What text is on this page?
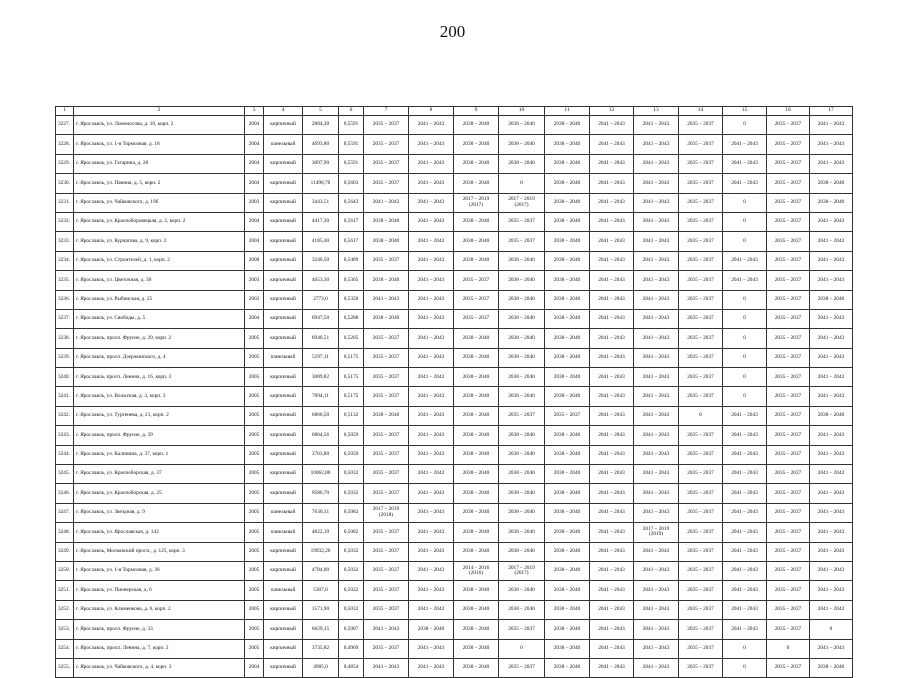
200
1	2	3	4	5	6	7	8	9	10	11	12	13	14	15	16	17
3227.	г. Ярославль, ул. Ломоносова, д. 16, корп. 2	2004	кирпичный	2884,30	0,5591	2035 – 2037	2041 – 2043	2038 – 2040	2038 – 2040	2038 – 2040	2041 – 2043	2041 – 2043	2035 – 2037	0	2035 – 2037	2041 – 2043
3228.	г. Ярославль, ул. 1-я Тормозная, д. 18	2004	панельный	4693,80	0,5591	2035 – 2037	2041 – 2043	2038 – 2040	2038 – 2040	2038 – 2040	2041 – 2043	2041 – 2043	2035 – 2037	2041 – 2043	2035 – 2037	2041 – 2043
3229.	г. Ярославль, ул. Гагарина, д. 28	2004	кирпичный	3097,90	0,5591	2035 – 2037	2041 – 2043	2038 – 2040	2038 – 2040	2038 – 2040	2041 – 2043	2041 – 2043	2035 – 2037	2041 – 2043	2035 – 2037	2041 – 2043
3230.	г. Ярославль, ул. Панина, д. 5, корп. 2	2004	кирпичный	11490,70	0,5603	2035 – 2037	2041 – 2043	2038 – 2040	0	2038 – 2040	2041 – 2043	2041 – 2043	2035 – 2037	2041 – 2043	2035 – 2037	2038 – 2040
3231.	г. Ярославль, ул. Чайковского, д. 19б	2003	кирпичный	3443,51	0,5643	2041 – 2043	2041 – 2043	2017 – 2019 (2017)	2017 – 2019 (2017)	2038 – 2040	2041 – 2043	2041 – 2043	2035 – 2037	0	2035 – 2037	2038 – 2040
3232.	г. Ярославль, ул. Красноборовецкая, д. 2, корп. 2	2004	кирпичный	4417,30	0,5617	2038 – 2040	2041 – 2043	2038 – 2040	2035 – 2037	2038 – 2040	2041 – 2043	2041 – 2043	2035 – 2037	0	2035 – 2037	2041 – 2043
3233.	г. Ярославль, ул. Курчатова, д. 9, корп. 2	2004	кирпичный	4185,40	0,5617	2038 – 2040	2041 – 2043	2038 – 2040	2035 – 2037	2038 – 2040	2041 – 2043	2041 – 2043	2035 – 2037	0	2035 – 2037	2041 – 2043
3234.	г. Ярославль, ул. Строителей, д. 1, корп. 2	2000	кирпичный	3246,50	0,5489	2035 – 2037	2041 – 2043	2038 – 2040	2038 – 2040	2038 – 2040	2041 – 2043	2041 – 2043	2035 – 2037	2041 – 2043	2035 – 2037	2041 – 2043
3235.	г. Ярославль, ул. Цветочная, д. 30	2003	кирпичный	4653,30	0,5365	2038 – 2040	2041 – 2043	2035 – 2037	2038 – 2040	2038 – 2040	2041 – 2043	2041 – 2043	2035 – 2037	2041 – 2043	2035 – 2037	2041 – 2043
3236.	г. Ярославль, ул. Рыбинская, д. 25	2003	кирпичный	2773,0	0,5350	2041 – 2043	2041 – 2043	2035 – 2037	2038 – 2040	2038 – 2040	2041 – 2043	2041 – 2043	2035 – 2037	0	2035 – 2037	2038 – 2040
3237.	г. Ярославль, ул. Свободы, д. 5	2004	кирпичный	6947,50	0,5288	2038 – 2040	2041 – 2043	2035 – 2037	2038 – 2040	2038 – 2040	2041 – 2043	2041 – 2043	2035 – 2037	0	2035 – 2037	2041 – 2043
3238.	г. Ярославль, просп. Фрунзе, д. 39, корп. 2	2005	кирпичный	6940,51	0,5205	2035 – 2037	2041 – 2043	2038 – 2040	2038 – 2040	2038 – 2040	2041 – 2043	2041 – 2043	2035 – 2037	0	2035 – 2037	2041 – 2043
3239.	г. Ярославль, просп. Дзержинского, д. 4	2005	панельный	5197,11	0,5175	2035 – 2037	2041 – 2043	2038 – 2040	2038 – 2040	2038 – 2040	2041 – 2043	2041 – 2043	2035 – 2037	0	2035 – 2037	2041 – 2043
3240.	г. Ярославль, просп. Ленина, д. 16, корп. 3	2005	кирпичный	3089,82	0,5175	2035 – 2037	2041 – 2043	2038 – 2040	2038 – 2040	2038 – 2040	2041 – 2043	2041 – 2043	2035 – 2037	0	2035 – 2037	2041 – 2043
3241.	г. Ярославль, ул. Волжская, д. 3, корп. 3	2005	кирпичный	7094,11	0,5175	2035 – 2037	2041 – 2043	2038 – 2040	2038 – 2040	2038 – 2040	2041 – 2043	2041 – 2043	2035 – 2037	0	2035 – 2037	2041 – 2043
3242.	г. Ярославль, ул. Тургенева, д. 21, корп. 2	2005	кирпичный	6866,50	0,5132	2038 – 2040	2041 – 2043	2038 – 2040	2035 – 2037	2035 – 2037	2041 – 2043	2041 – 2043	0	2041 – 2043	2035 – 2037	2038 – 2040
3243.	г. Ярославль, просп. Фрунзе, д. 39	2005	кирпичный	6864,56	0,5059	2035 – 2037	2041 – 2043	2038 – 2040	2038 – 2040	2038 – 2040	2041 – 2043	2041 – 2043	2035 – 2037	2041 – 2043	2035 – 2037	2041 – 2043
3244.	г. Ярославль, ул. Калинина, д. 37, корп. 1	2005	кирпичный	3763,80	0,5059	2035 – 2037	2041 – 2043	2038 – 2040	2038 – 2040	2038 – 2040	2041 – 2043	2041 – 2043	2035 – 2037	2041 – 2043	2035 – 2037	2041 – 2043
3245.	г. Ярославль, ул. Красноборская, д. 37	2005	кирпичный	10062,80	0,5032	2035 – 2037	2041 – 2043	2038 – 2040	2038 – 2040	2038 – 2040	2041 – 2043	2041 – 2043	2035 – 2037	2041 – 2043	2035 – 2037	2041 – 2043
3246.	г. Ярославль, ул. Красноборская, д. 25	2005	кирпичный	9586,70	0,5032	2035 – 2037	2041 – 2043	2038 – 2040	2038 – 2040	2038 – 2040	2041 – 2043	2041 – 2043	2035 – 2037	2041 – 2043	2035 – 2037	2041 – 2043
3247.	г. Ярославль, ул. Звездная, д. 9	2005	панельный	7630,31	0,5082	2017 – 2019 (2018)	2041 – 2043	2038 – 2040	2038 – 2040	2038 – 2040	2041 – 2043	2041 – 2043	2035 – 2037	2041 – 2043	2035 – 2037	2041 – 2043
3248.	г. Ярославль, ул. Ярославская, д. 142	2005	панельный	4822,10	0,5082	2035 – 2037	2041 – 2043	2038 – 2040	2038 – 2040	2038 – 2040	2041 – 2043	2017 – 2019 (2019)	2035 – 2037	2041 – 2043	2035 – 2037	2041 – 2043
3249.	г. Ярославль, Московский просп., д. 125, корп. 3	2005	кирпичный	19932,20	0,5032	2035 – 2037	2041 – 2043	2038 – 2040	2038 – 2040	2038 – 2040	2041 – 2043	2041 – 2043	2035 – 2037	2041 – 2043	2035 – 2037	2041 – 2043
3250.	г. Ярославль, ул. 1-я Тормозная, д. 36	2005	кирпичный	4784,00	0,5032	2035 – 2037	2041 – 2043	2014 – 2016 (2016)	2017 – 2019 (2017)	2038 – 2040	2041 – 2043	2041 – 2043	2035 – 2037	2041 – 2043	2035 – 2037	2041 – 2043
3251.	г. Ярославль, ул. Пионерская, д. 6	2005	панельный	5307,0	0,5032	2035 – 2037	2041 – 2043	2038 – 2040	2038 – 2040	2038 – 2040	2041 – 2043	2041 – 2043	2035 – 2037	2041 – 2043	2035 – 2037	2041 – 2043
3252.	г. Ярославль, ул. Клименкова, д. 6, корп. 2	2005	кирпичный	1571,90	0,5032	2035 – 2037	2041 – 2043	2038 – 2040	2038 – 2040	2038 – 2040	2041 – 2043	2041 – 2043	2035 – 2037	2041 – 2043	2035 – 2037	2041 – 2043
3253.	г. Ярославль, просп. Фрунзе, д. 33	2005	кирпичный	6629,15	0,5007	2041 – 2043	2038 – 2040	2038 – 2040	2035 – 2037	2038 – 2040	2041 – 2043	2041 – 2043	2035 – 2037	2041 – 2043	2035 – 2037	0
3254.	г. Ярославль, просп. Ленина, д. 7, корп. 2	2005	кирпичный	3735,82	0,4969	2035 – 2037	2041 – 2043	2038 – 2040	0	2038 – 2040	2041 – 2043	2041 – 2043	2035 – 2037	0	0	2041 – 2043
3255.	г. Ярославль, ул. Чайковского, д. 4, корп. 3	2004	кирпичный	4985,0	0,4854	2041 – 2043	2041 – 2043	2038 – 2040	2035 – 2037	2038 – 2040	2041 – 2043	2041 – 2043	2035 – 2037	0	2035 – 2037	2038 – 2040
